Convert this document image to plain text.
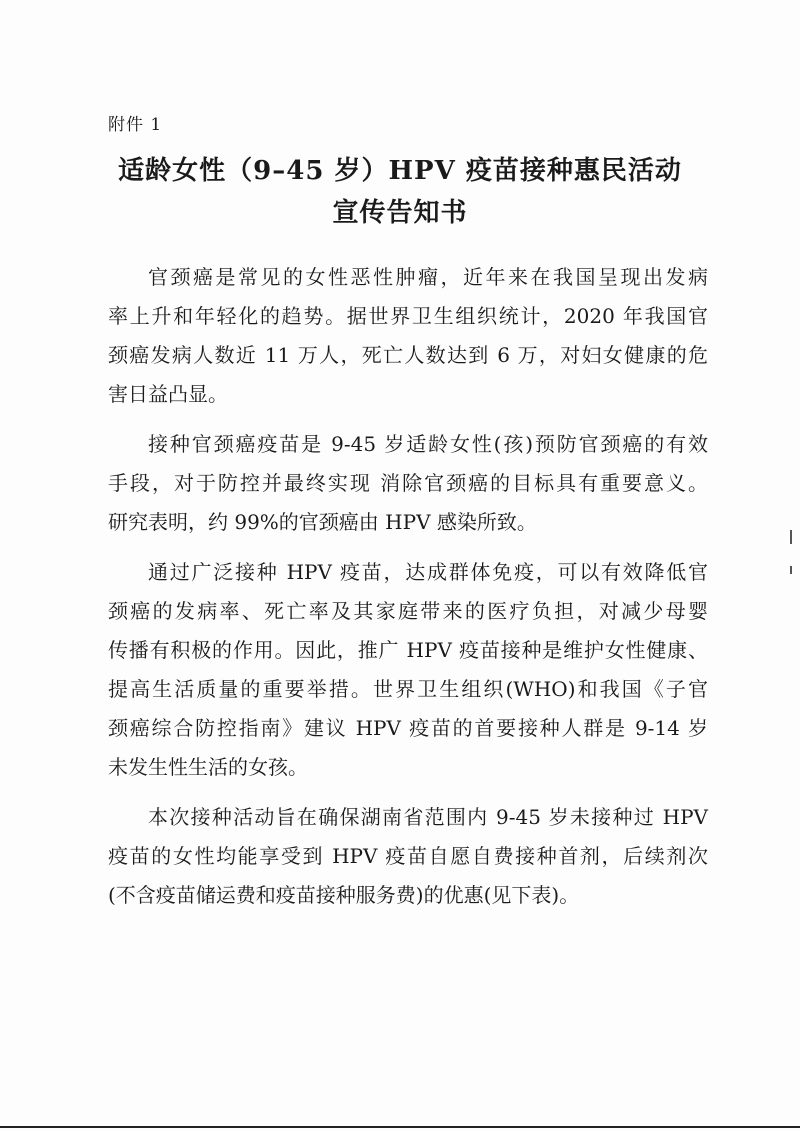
附件 1
适龄女性（9–45 岁）HPV 疫苗接种惠民活动
宣传告知书
官颈癌是常见的女性恶性肿瘤，近年来在我国呈现出发病
率上升和年轻化的趋势。据世界卫生组织统计，2020 年我国官
颈癌发病人数近 11 万人，死亡人数达到 6 万，对妇女健康的危
害日益凸显。
接种官颈癌疫苗是 9-45 岁适龄女性(孩)预防官颈癌的有效
手段，对于防控并最终实现 消除官颈癌的目标具有重要意义。
研究表明，约 99%的官颈癌由 HPV 感染所致。
通过广泛接种 HPV 疫苗，达成群体免疫，可以有效降低官
颈癌的发病率、死亡率及其家庭带来的医疗负担，对减少母婴
传播有积极的作用。因此，推广 HPV 疫苗接种是维护女性健康、
提高生活质量的重要举措。世界卫生组织(WHO)和我国《子官
颈癌综合防控指南》建议 HPV 疫苗的首要接种人群是 9-14 岁
未发生性生活的女孩。
本次接种活动旨在确保湖南省范围内 9-45 岁未接种过 HPV
疫苗的女性均能享受到 HPV 疫苗自愿自费接种首剂，后续剂次
(不含疫苗储运费和疫苗接种服务费)的优惠(见下表)。
